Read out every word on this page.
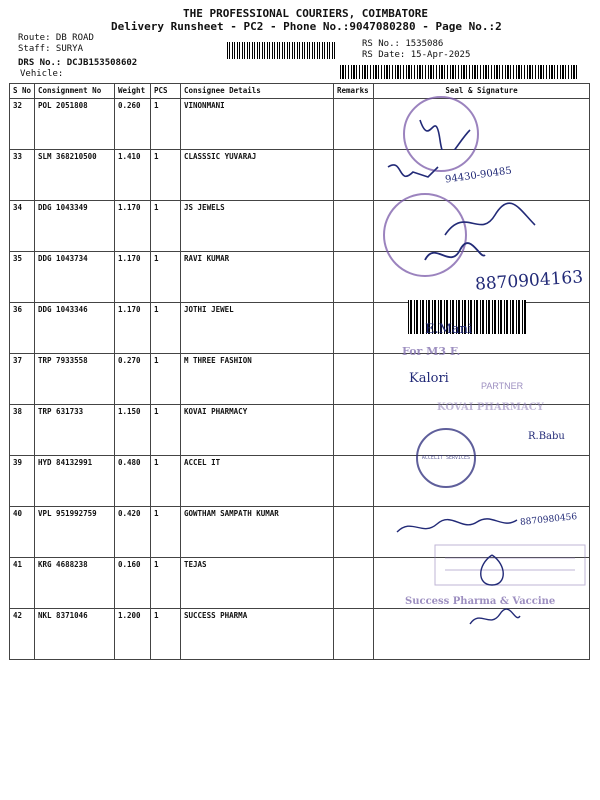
THE PROFESSIONAL COURIERS, COIMBATORE
Delivery Runsheet - PC2 - Phone No.:9047080280 - Page No.:2
Route: DB ROAD
Staff: SURYA
DRS No.: DCJB153508602
Vehicle:
RS No.: 1535086
RS Date: 15-Apr-2025
S No	Consignment No	Weight	PCS	Consignee Details	Remarks	Seal & Signature
32	POL 2051808	0.260	1	VINONMANI		
33	SLM 368210500	1.410	1	CLASSSIC YUVARAJ		
34	DDG 1043349	1.170	1	JS JEWELS		
35	DDG 1043734	1.170	1	RAVI KUMAR		
36	DDG 1043346	1.170	1	JOTHI JEWEL		
37	TRP 7933558	0.270	1	M THREE FASHION		
38	TRP 631733	1.150	1	KOVAI PHARMACY		
39	HYD 84132991	0.480	1	ACCEL IT		
40	VPL 951992759	0.420	1	GOWTHAM SAMPATH KUMAR		
41	KRG 4688238	0.160	1	TEJAS		
42	NKL 8371046	1.200	1	SUCCESS PHARMA		
94430-90485
8870904163
E.Mani
For M3 F.
Kalori	PARTNER
KOVAI PHARMACY
ACCELIT SERVICES
R.Babu
8870980456
Success Pharma & Vaccine
